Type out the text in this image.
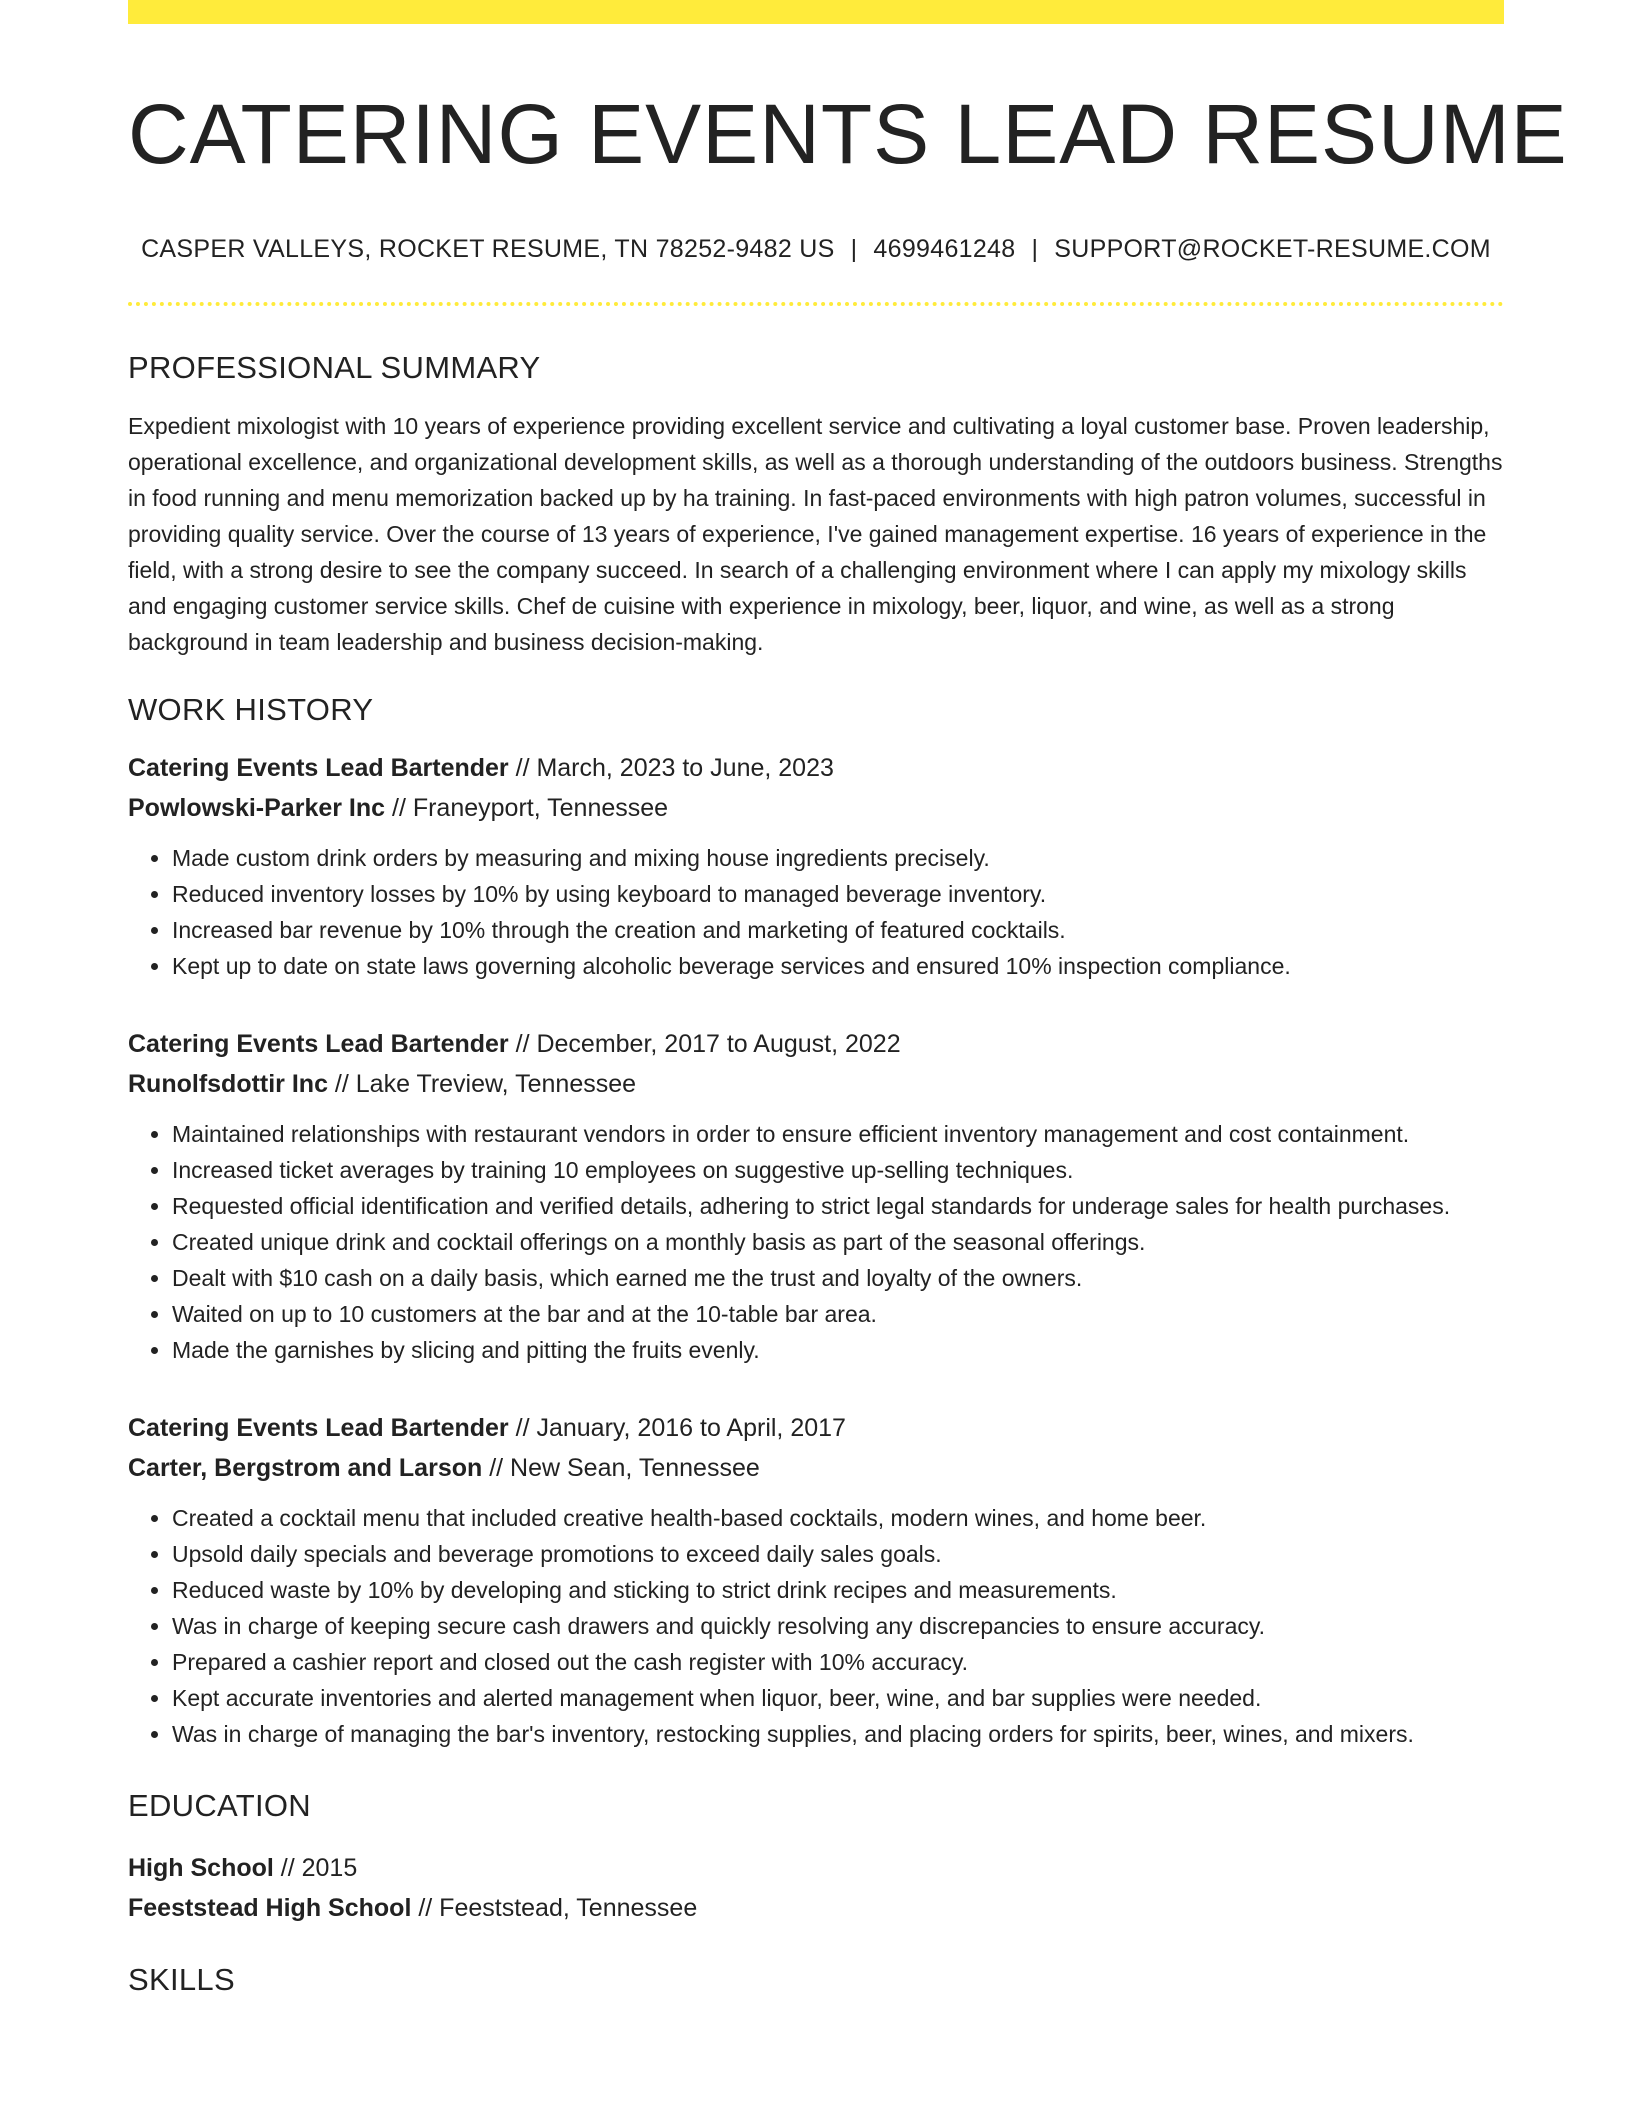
CATERING EVENTS LEAD RESUME
CASPER VALLEYS, ROCKET RESUME, TN 78252-9482 US | 4699461248 | SUPPORT@ROCKET-RESUME.COM
PROFESSIONAL SUMMARY
Expedient mixologist with 10 years of experience providing excellent service and cultivating a loyal customer base. Proven leadership, operational excellence, and organizational development skills, as well as a thorough understanding of the outdoors business. Strengths in food running and menu memorization backed up by ha training. In fast-paced environments with high patron volumes, successful in providing quality service. Over the course of 13 years of experience, I've gained management expertise. 16 years of experience in the field, with a strong desire to see the company succeed. In search of a challenging environment where I can apply my mixology skills and engaging customer service skills. Chef de cuisine with experience in mixology, beer, liquor, and wine, as well as a strong background in team leadership and business decision-making.
WORK HISTORY
Catering Events Lead Bartender // March, 2023 to June, 2023
Powlowski-Parker Inc // Franeyport, Tennessee
• Made custom drink orders by measuring and mixing house ingredients precisely.
• Reduced inventory losses by 10% by using keyboard to managed beverage inventory.
• Increased bar revenue by 10% through the creation and marketing of featured cocktails.
• Kept up to date on state laws governing alcoholic beverage services and ensured 10% inspection compliance.
Catering Events Lead Bartender // December, 2017 to August, 2022
Runolfsdottir Inc // Lake Treview, Tennessee
• Maintained relationships with restaurant vendors in order to ensure efficient inventory management and cost containment.
• Increased ticket averages by training 10 employees on suggestive up-selling techniques.
• Requested official identification and verified details, adhering to strict legal standards for underage sales for health purchases.
• Created unique drink and cocktail offerings on a monthly basis as part of the seasonal offerings.
• Dealt with $10 cash on a daily basis, which earned me the trust and loyalty of the owners.
• Waited on up to 10 customers at the bar and at the 10-table bar area.
• Made the garnishes by slicing and pitting the fruits evenly.
Catering Events Lead Bartender // January, 2016 to April, 2017
Carter, Bergstrom and Larson // New Sean, Tennessee
• Created a cocktail menu that included creative health-based cocktails, modern wines, and home beer.
• Upsold daily specials and beverage promotions to exceed daily sales goals.
• Reduced waste by 10% by developing and sticking to strict drink recipes and measurements.
• Was in charge of keeping secure cash drawers and quickly resolving any discrepancies to ensure accuracy.
• Prepared a cashier report and closed out the cash register with 10% accuracy.
• Kept accurate inventories and alerted management when liquor, beer, wine, and bar supplies were needed.
• Was in charge of managing the bar's inventory, restocking supplies, and placing orders for spirits, beer, wines, and mixers.
EDUCATION
High School // 2015
Feeststead High School // Feeststead, Tennessee
SKILLS
